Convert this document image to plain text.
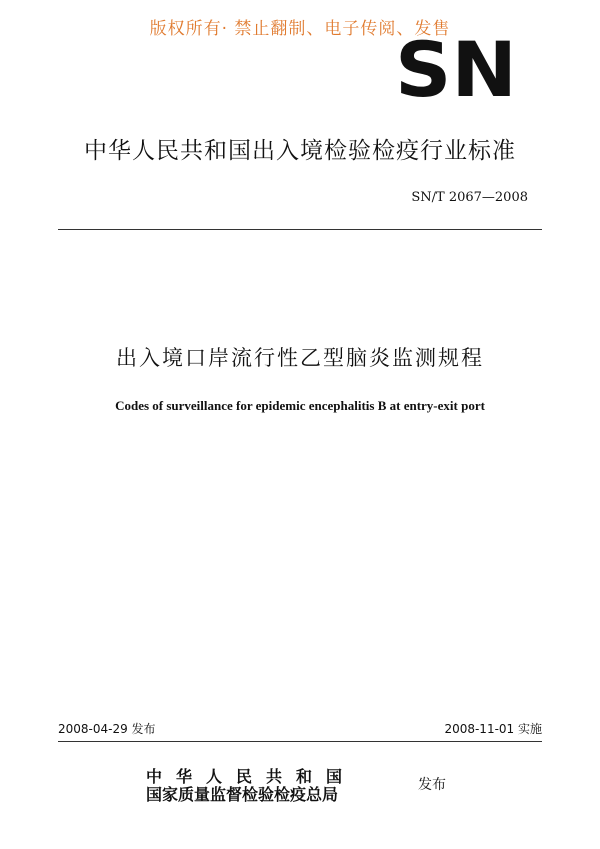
版权所有· 禁止翻制、电子传阅、发售
SN
中华人民共和国出入境检验检疫行业标准
SN/T 2067—2008
出入境口岸流行性乙型脑炎监测规程
Codes of surveillance for epidemic encephalitis B at entry-exit port
2008-04-29 发布	2008-11-01 实施
中华人民共和国
国家质量监督检验检疫总局	发布
